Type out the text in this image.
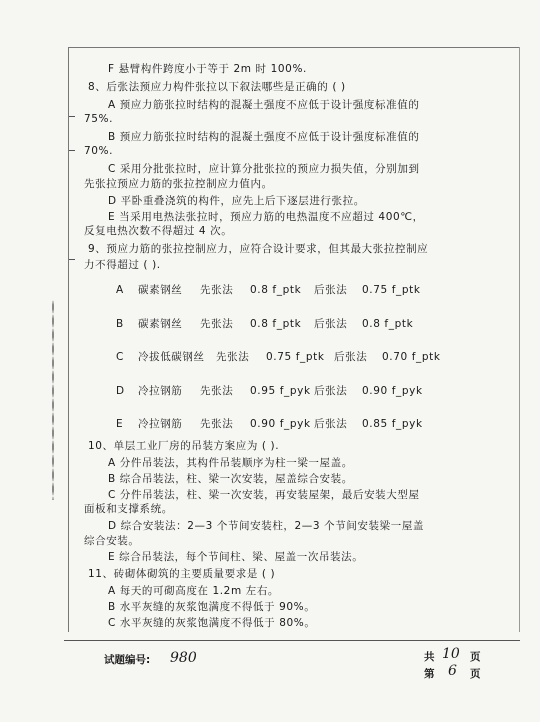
F 悬臂构件跨度小于等于 2m 时 100%.
8、后张法预应力构件张拉以下叙法哪些是正确的 ( )
A 预应力筋张拉时结构的混凝土强度不应低于设计强度标准值的
75%.
B 预应力筋张拉时结构的混凝土强度不应低于设计强度标准值的
70%.
C 采用分批张拉时，应计算分批张拉的预应力损失值，分别加到
先张拉预应力筋的张拉控制应力值内。
D 平卧重叠浇筑的构件，应先上后下逐层进行张拉。
E 当采用电热法张拉时，预应力筋的电热温度不应超过 400℃，
反复电热次数不得超过 4 次。
9、预应力筋的张拉控制应力，应符合设计要求，但其最大张拉控制应
力不得超过 ( ).
A 碳素钢丝 先张法 0.8 f_ptk 后张法 0.75 f_ptk
B 碳素钢丝 先张法 0.8 f_ptk 后张法 0.8 f_ptk
C 冷拔低碳钢丝 先张法 0.75 f_ptk 后张法 0.70 f_ptk
D 冷拉钢筋 先张法 0.95 f_pyk 后张法 0.90 f_pyk
E 冷拉钢筋 先张法 0.90 f_pyk 后张法 0.85 f_pyk
10、单层工业厂房的吊装方案应为 ( ).
A 分件吊装法，其构件吊装顺序为柱一梁一屋盖。
B 综合吊装法，柱、梁一次安装，屋盖综合安装。
C 分件吊装法，柱、梁一次安装，再安装屋架，最后安装大型屋
面板和支撑系统。
D 综合安装法：2—3 个节间安装柱，2—3 个节间安装梁一屋盖
综合安装。
E 综合吊装法，每个节间柱、梁、屋盖一次吊装法。
11、砖砌体砌筑的主要质量要求是 ( )
A 每天的可砌高度在 1.2m 左右。
B 水平灰缝的灰浆饱满度不得低于 90%。
C 水平灰缝的灰浆饱满度不得低于 80%。
试题编号: 980	共 10 页
第 6 页
